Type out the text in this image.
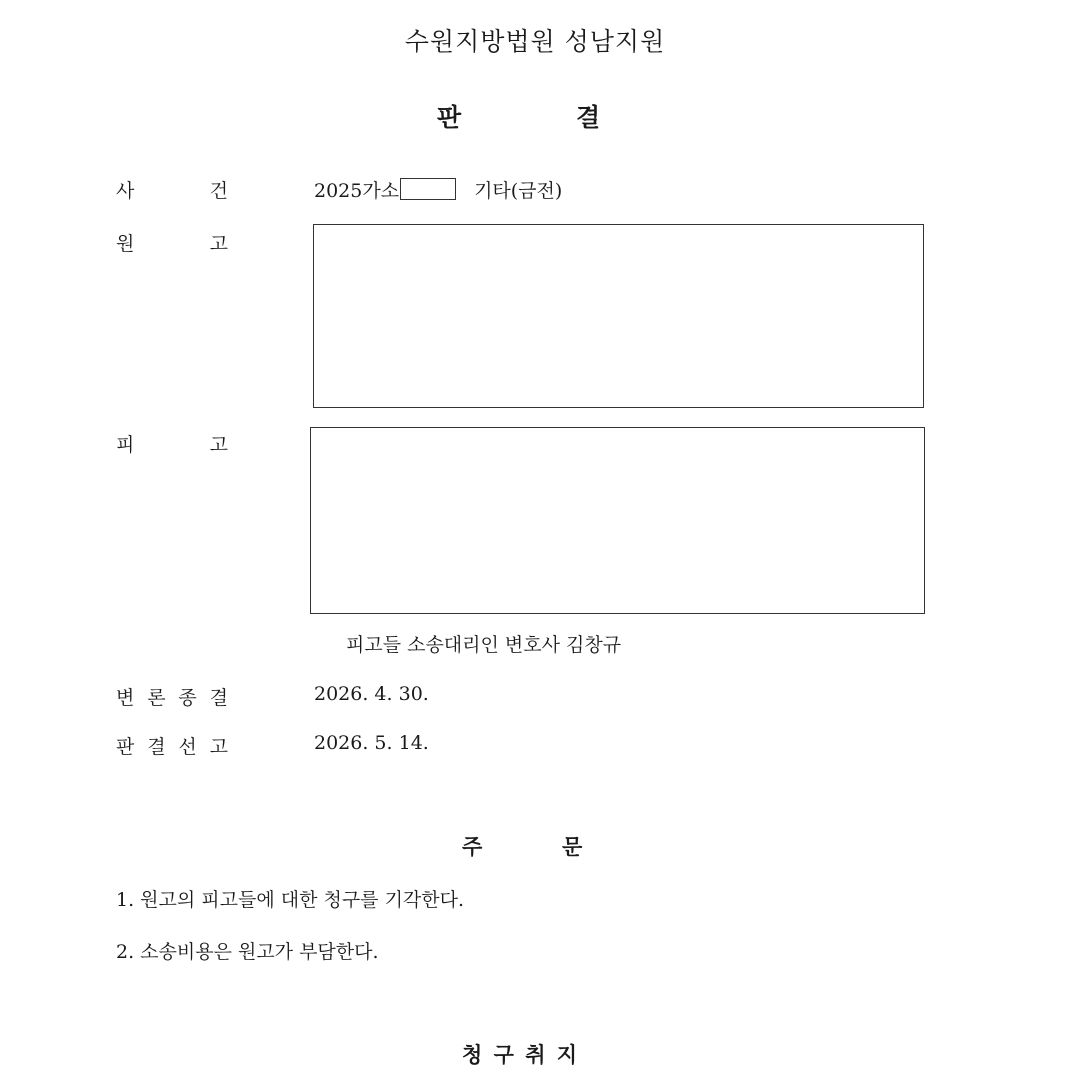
수원지방법원 성남지원
판	결
사	건	2025가소	기타(금전)
원	고
피	고
피고들 소송대리인 변호사 김창규
변 론 종 결	2026. 4. 30.
판 결 선 고	2026. 5. 14.
주	문
1. 원고의 피고들에 대한 청구를 기각한다.
2. 소송비용은 원고가 부담한다.
청 구 취 지
